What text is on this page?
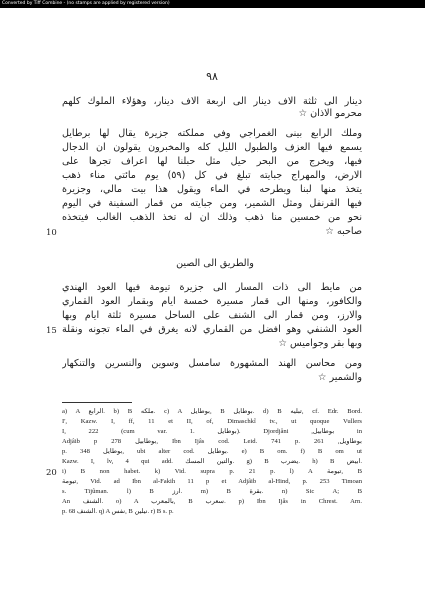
Converted by Tiff Combine - (no stamps are applied by registered version)
٩٨
دينار الى ثلثة آلاف دينار الى اربعة آلاف دينار، وهؤلاء الملوك كلهم
محرمو الاذان ☆
وملك الرابع بينى الغمراجي وفي مملكته جزيرة يقال لها برطايل
يسمع فيها العزف والطبول الليل كله والمخبرون يقولون ان الدجال
فيها، ويخرج من البحر حيل مثل حبلنا لها اعراف تجرها على
الارض، والمهراج جبايته تبلغ في كل (٥٩) يوم مائتي مناء ذهب
يتخذ منها لبنا ويطرحه في الماء ويقول هذا بيت مالي، وجزيرة
فيها القرنفل ومثل الشمير، ومن جبايته من قمار السفينة في اليوم
نحو من خمسين منا ذهب وذلك ان له تخذ الذهب الغالب فيتخذه
صاحبه ☆
10
والطريق الى الصين
من مايط الى ذات المسار الى جزيرة تيومة فيها العود الهندي
والكافور، ومنها الى قمار مسيرة خمسة ايام وبقمار العود القماري
والارز، ومن قمار الى الشنف على الساحل مسيرة ثلثة ايام وبها
العود الشنفي وهو افضل من القماري لانه يغرق في الماء تجونه ونقلة
15
وبها بقر وجواميس ☆
ومن محاسن الهند المشهورة سامسل وسوين والنسرين والتنكهار
والشمير ☆
a) A الرابع. b) B ملكه. c) A بوطايل, B بوطايل. d) B تبليه, cf. Edr. Bord.
I', Kazw. I, ff, 11 et II, of, Dimaschkî tv., ut quoque Vullers
I, 222 (cum var. 1. بوطايل). Djordjâni ,بوطابيل in
Adjâib p 278 بوطابيل, Ibn Ijâs cod. Leid. 741 p. 261 ,بوطاويل
p. 348 بوطايل, ubi alter cod. بوطايل. e) B om. f) B om ut
Kazw. I, lv, 4 qui add. والتين المسك. g) B يضرب. h) B ابيض.
i) B non habet. k) Vid. supra p. 21 p. l) A تيومة, B
20
تيومة, Vid. ad Ibn al-Fakih 11 p et Adjâib al-Hind, p. 253 Timoan
s. Tijûman. l) B ارز. m) B بقرة. n) Sic A; B
An الشنف. o) A بالمعرب, B سعرب. p) Ibn Ijâs in Chrest. Arn.
p. 68 الشنف. q) A نفس, B نيلين. r) B s. p.
